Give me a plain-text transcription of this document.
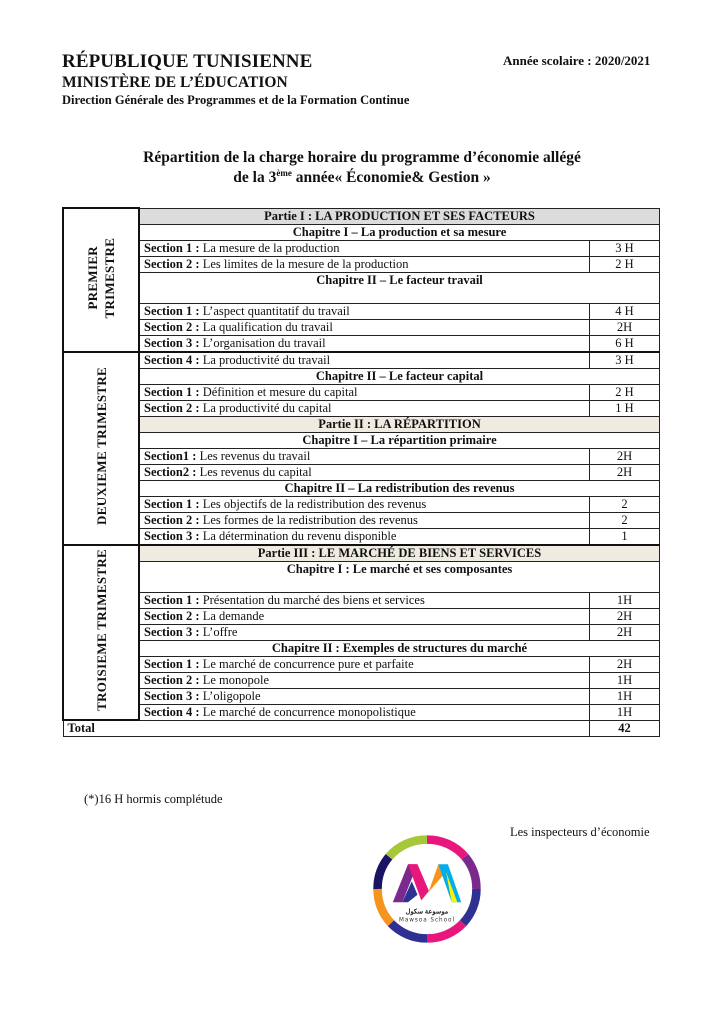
RÉPUBLIQUE TUNISIENNE
MINISTÈRE DE L’ÉDUCATION
Direction Générale des Programmes et de la Formation Continue
Année scolaire : 2020/2021
Répartition de la charge horaire du programme d’économie allégé
de la 3ème année« Économie& Gestion »
PREMIER TRIMESTRE	Partie I : LA PRODUCTION ET SES FACTEURS	
	Chapitre I – La production et sa mesure	
	Section 1 : La mesure de la production	3 H
	Section 2 : Les limites de la mesure de la production	2 H
	Chapitre II – Le facteur travail	
	Section 1 : L’aspect quantitatif du travail	4 H
	Section 2 : La qualification du travail	2H
	Section 3 : L’organisation du travail	6 H
DEUXIEME TRIMESTRE	Section 4 : La productivité du travail	3 H
	Chapitre II – Le facteur capital	
	Section 1 : Définition et mesure du capital	2 H
	Section 2 : La productivité du capital	1 H
	Partie II : LA RÉPARTITION	
	Chapitre I – La répartition primaire	
	Section1 : Les revenus du travail	2H
	Section2 : Les revenus du capital	2H
	Chapitre II – La redistribution des revenus	
	Section 1 : Les objectifs de la redistribution des revenus	2
	Section 2 : Les formes de la redistribution des revenus	2
	Section 3 : La détermination du revenu disponible	1
TROISIEME TRIMESTRE	Partie III : LE MARCHÉ DE BIENS ET SERVICES	
	Chapitre I : Le marché et ses composantes	
	Section 1 : Présentation du marché des biens et services	1H
	Section 2 : La demande	2H
	Section 3 : L’offre	2H
	Chapitre II : Exemples de structures du marché	
	Section 1 : Le marché de concurrence pure et parfaite	2H
	Section 2 : Le monopole	1H
	Section 3 : L’oligopole	1H
	Section 4 : Le marché de concurrence monopolistique	1H
Total		42
(*)16 H hormis complétude
Les inspecteurs d’économie
موسوعة سكول
Mawsoa School
